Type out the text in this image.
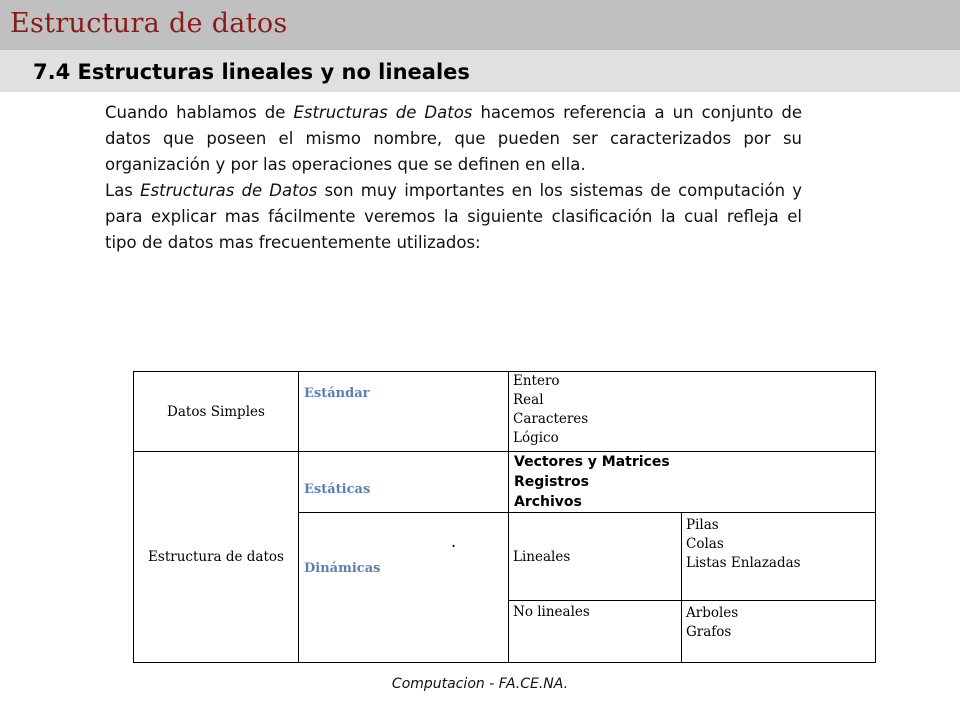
Estructura de datos
7.4 Estructuras lineales y no lineales

Cuando hablamos de Estructuras de Datos hacemos referencia a un conjunto de datos que poseen el mismo nombre, que pueden ser caracterizados por su organización y por las operaciones que se definen en ella.

Las Estructuras de Datos son muy importantes en los sistemas de computación y para explicar mas fácilmente veremos la siguiente clasificación la cual refleja el tipo de datos mas frecuentemente utilizados:

Datos Simples	Estándar	Entero
Real
Caracteres
Lógico	

Estructura de datos	Estáticas	Vectores y Matrices
Registros
Archivos	

	Dinámicas	Lineales	Pilas
Colas
Listas Enlazadas

		No lineales	Arboles
Grafos
.
Computacion - FA.CE.NA.
